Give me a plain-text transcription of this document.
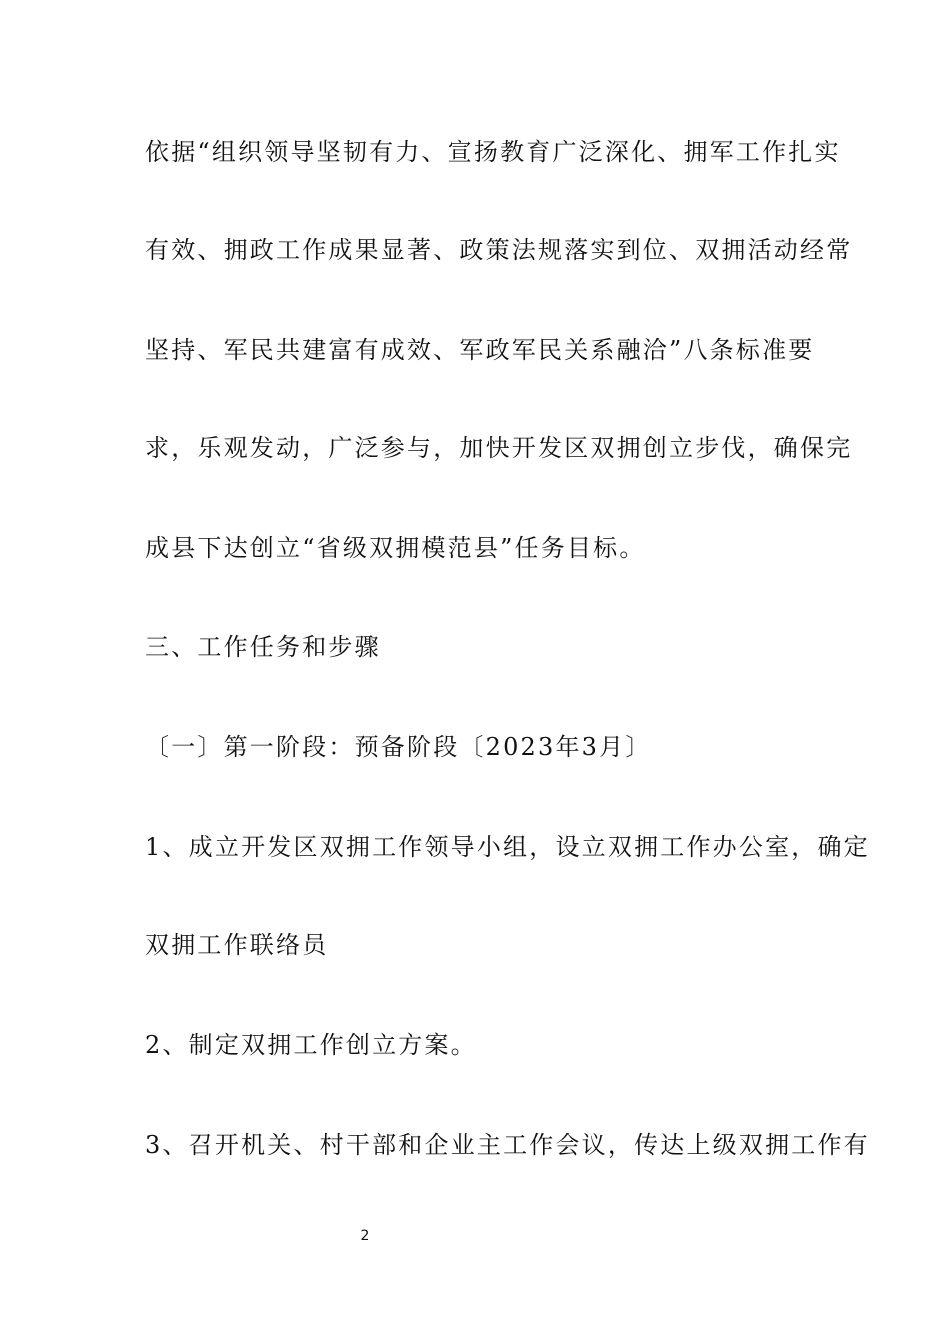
依据“组织领导坚韧有力、宣扬教育广泛深化、拥军工作扎实
有效、拥政工作成果显著、政策法规落实到位、双拥活动经常
坚持、军民共建富有成效、军政军民关系融洽”八条标准要
求，乐观发动，广泛参与，加快开发区双拥创立步伐，确保完
成县下达创立“省级双拥模范县”任务目标。
三、工作任务和步骤
〔一〕第一阶段：预备阶段〔2023年3月〕
1、成立开发区双拥工作领导小组，设立双拥工作办公室，确定
双拥工作联络员
2、制定双拥工作创立方案。
3、召开机关、村干部和企业主工作会议，传达上级双拥工作有
2
